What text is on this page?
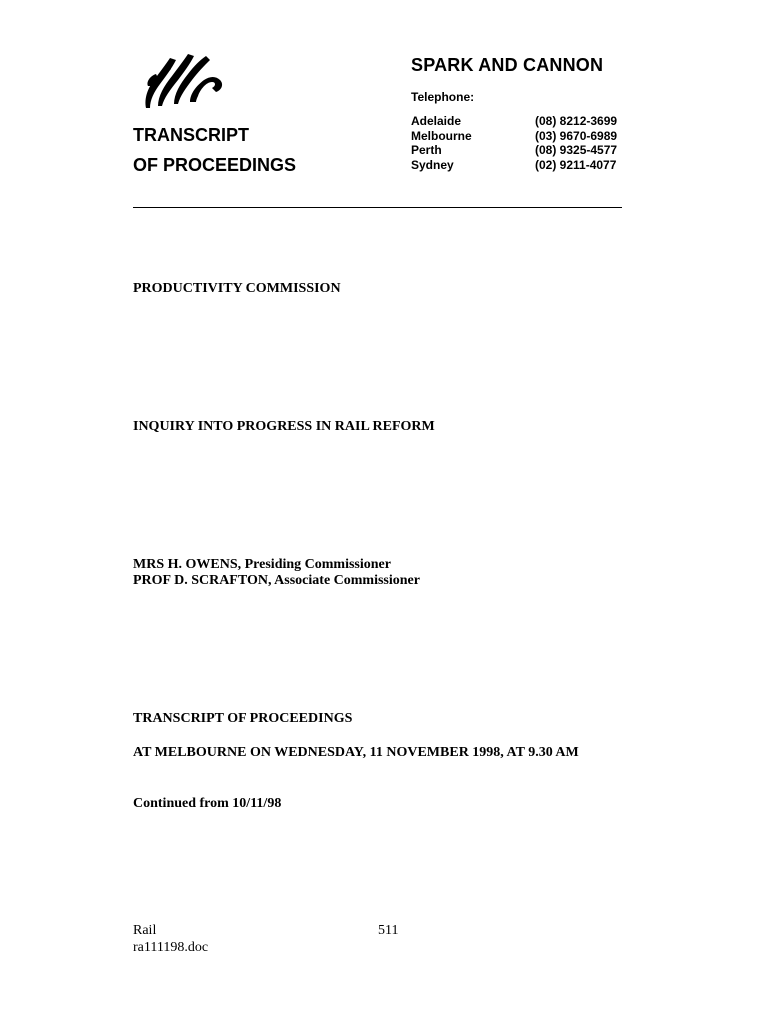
SPARK AND CANNON
Telephone:
Adelaide	(08) 8212-3699
Melbourne	(03) 9670-6989
Perth	(08) 9325-4577
Sydney	(02) 9211-4077
TRANSCRIPT
OF PROCEEDINGS
PRODUCTIVITY COMMISSION
INQUIRY INTO PROGRESS IN RAIL REFORM
MRS H. OWENS, Presiding Commissioner
PROF D. SCRAFTON, Associate Commissioner
TRANSCRIPT OF PROCEEDINGS
AT MELBOURNE ON WEDNESDAY, 11 NOVEMBER 1998, AT 9.30 AM
Continued from 10/11/98
Rail
ra111198.doc
511
